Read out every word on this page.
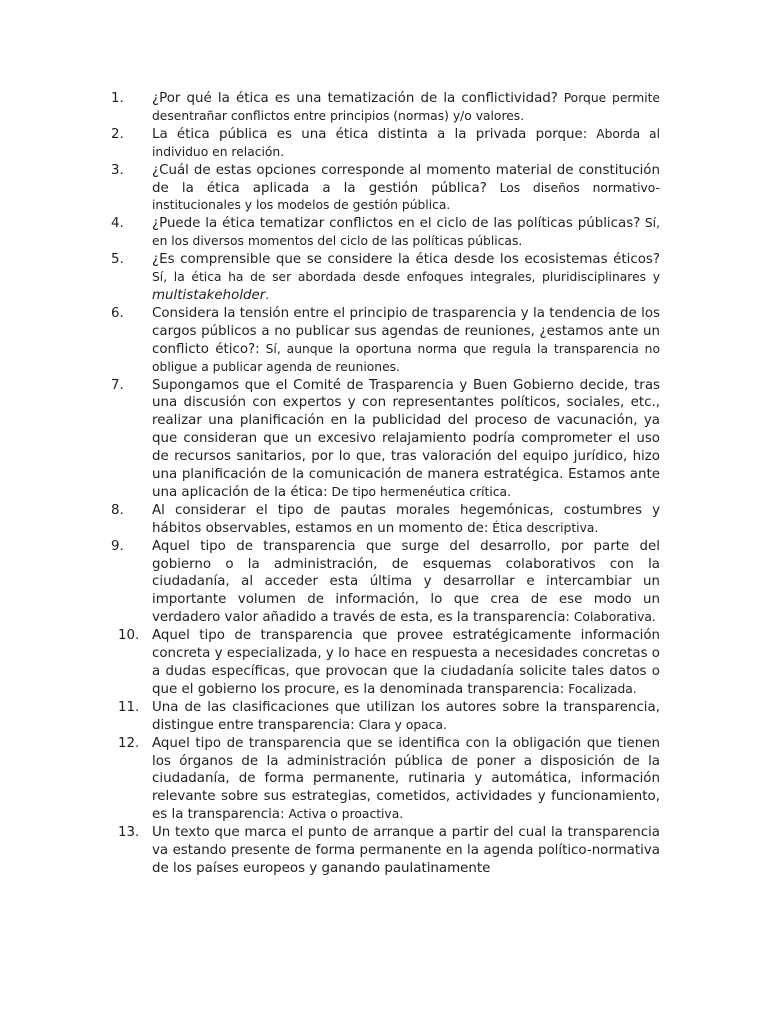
1.	¿Por qué la ética es una tematización de la conflictividad? Porque permite desentrañar conflictos entre principios (normas) y/o valores.
2.	La ética pública es una ética distinta a la privada porque: Aborda al individuo en relación.
3.	¿Cuál de estas opciones corresponde al momento material de constitución de la ética aplicada a la gestión pública? Los diseños normativo-institucionales y los modelos de gestión pública.
4.	¿Puede la ética tematizar conflictos en el ciclo de las políticas públicas? Sí, en los diversos momentos del ciclo de las políticas públicas.
5.	¿Es comprensible que se considere la ética desde los ecosistemas éticos? Sí, la ética ha de ser abordada desde enfoques integrales, pluridisciplinares y multistakeholder.
6.	Considera la tensión entre el principio de trasparencia y la tendencia de los cargos públicos a no publicar sus agendas de reuniones, ¿estamos ante un conflicto ético?: Sí, aunque la oportuna norma que regula la transparencia no obligue a publicar agenda de reuniones.
7.	Supongamos que el Comité de Trasparencia y Buen Gobierno decide, tras una discusión con expertos y con representantes políticos, sociales, etc., realizar una planificación en la publicidad del proceso de vacunación, ya que consideran que un excesivo relajamiento podría comprometer el uso de recursos sanitarios, por lo que, tras valoración del equipo jurídico, hizo una planificación de la comunicación de manera estratégica. Estamos ante una aplicación de la ética: De tipo hermenéutica crítica.
8.	Al considerar el tipo de pautas morales hegemónicas, costumbres y hábitos observables, estamos en un momento de: Ética descriptiva.
9.	Aquel tipo de transparencia que surge del desarrollo, por parte del gobierno o la administración, de esquemas colaborativos con la ciudadanía, al acceder esta última y desarrollar e intercambiar un importante volumen de información, lo que crea de ese modo un verdadero valor añadido a través de esta, es la transparencia: Colaborativa.
10. Aquel tipo de transparencia que provee estratégicamente información concreta y especializada, y lo hace en respuesta a necesidades concretas o a dudas específicas, que provocan que la ciudadanía solicite tales datos o que el gobierno los procure, es la denominada transparencia: Focalizada.
11. Una de las clasificaciones que utilizan los autores sobre la transparencia, distingue entre transparencia: Clara y opaca.
12. Aquel tipo de transparencia que se identifica con la obligación que tienen los órganos de la administración pública de poner a disposición de la ciudadanía, de forma permanente, rutinaria y automática, información relevante sobre sus estrategias, cometidos, actividades y funcionamiento, es la transparencia: Activa o proactiva.
13. Un texto que marca el punto de arranque a partir del cual la transparencia va estando presente de forma permanente en la agenda político-normativa de los países europeos y ganando paulatinamente
